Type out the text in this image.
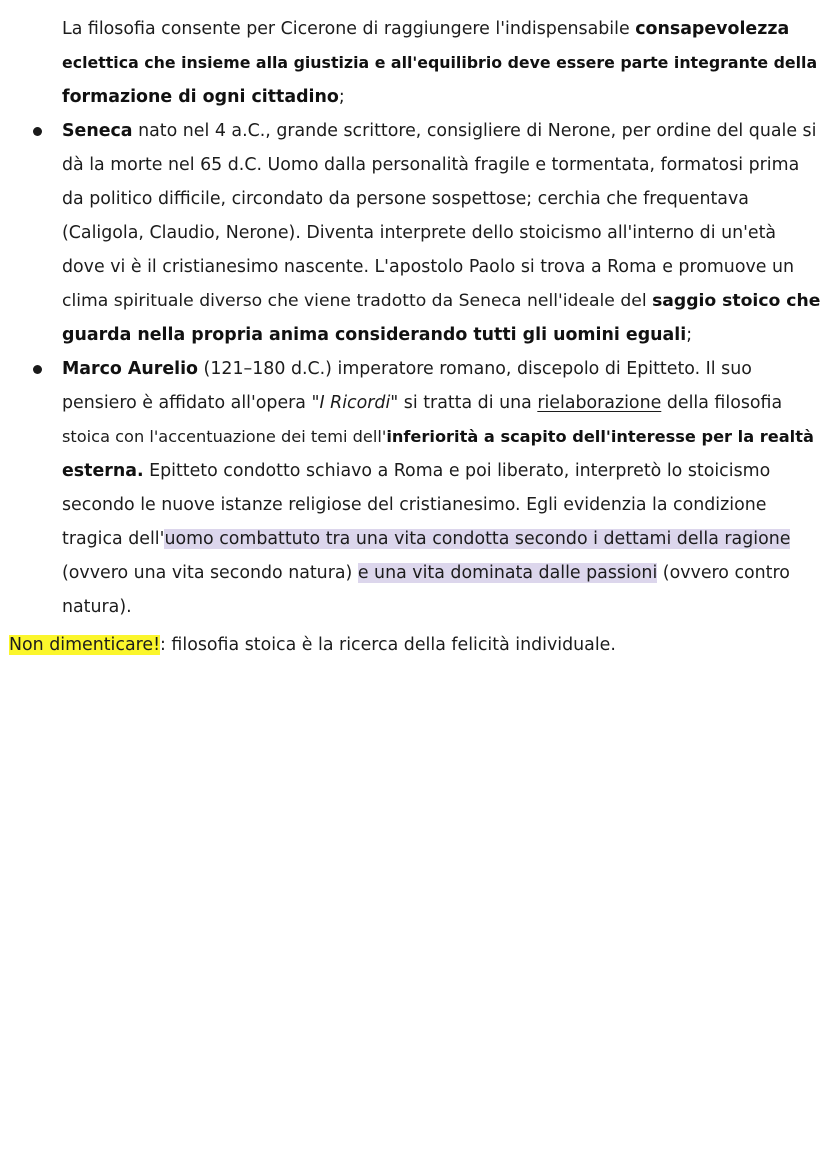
La filosofia consente per Cicerone di raggiungere l'indispensabile consapevolezza
eclettica che insieme alla giustizia e all'equilibrio deve essere parte integrante della
formazione di ogni cittadino;
Seneca nato nel 4 a.C., grande scrittore, consigliere di Nerone, per ordine del quale si
dà la morte nel 65 d.C. Uomo dalla personalità fragile e tormentata, formatosi prima
da politico difficile, circondato da persone sospettose; cerchia che frequentava
(Caligola, Claudio, Nerone). Diventa interprete dello stoicismo all'interno di un'età
dove vi è il cristianesimo nascente. L'apostolo Paolo si trova a Roma e promuove un
clima spirituale diverso che viene tradotto da Seneca nell'ideale del saggio stoico che
guarda nella propria anima considerando tutti gli uomini eguali;
Marco Aurelio (121–180 d.C.) imperatore romano, discepolo di Epitteto. Il suo
pensiero è affidato all'opera "I Ricordi" si tratta di una rielaborazione della filosofia
stoica con l'accentuazione dei temi dell'inferiorità a scapito dell'interesse per la realtà
esterna. Epitteto condotto schiavo a Roma e poi liberato, interpretò lo stoicismo
secondo le nuove istanze religiose del cristianesimo. Egli evidenzia la condizione
tragica dell'uomo combattuto tra una vita condotta secondo i dettami della ragione
(ovvero una vita secondo natura) e una vita dominata dalle passioni (ovvero contro
natura).
Non dimenticare!: filosofia stoica è la ricerca della felicità individuale.
